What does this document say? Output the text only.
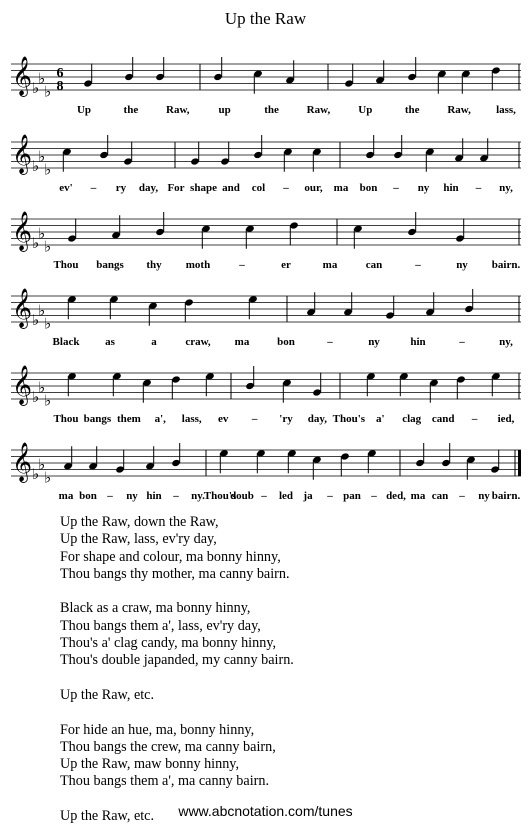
Up the Raw
𝄞 ♭
♭
♭
6
8
Up	the	Raw,	up	the	Raw,	Up	the	Raw, lass,
𝄞 ♭
♭
♭
ev' – ry day, For shape and col – our, ma bon – ny hin – ny,
𝄞 ♭
♭
♭
Thou bangs thy moth	–	er	ma	can	–	ny bairn.
𝄞 ♭
♭
♭
Black as	a	craw, ma	bon	–	ny	hin	–	ny,
𝄞 ♭
♭
♭
Thou bangs them a', lass, ev – 'ry day, Thou's a' clag cand – ied,
𝄞 ♭
♭
♭
ma bon – ny hin – ny.
Thou's
doub – led ja – pan – ded, ma can – ny bairn.
Up the Raw, down the Raw,
Up the Raw, lass, ev'ry day,
For shape and colour, ma bonny hinny,
Thou bangs thy mother, ma canny bairn.
Black as a craw, ma bonny hinny,
Thou bangs them a', lass, ev'ry day,
Thou's a' clag candy, ma bonny hinny,
Thou's double japanded, my canny bairn.
Up the Raw, etc.
For hide an hue, ma, bonny hinny,
Thou bangs the crew, ma canny bairn,
Up the Raw, maw bonny hinny,
Thou bangs them a', ma canny bairn.
Up the Raw, etc.	www.abcnotation.com/tunes
